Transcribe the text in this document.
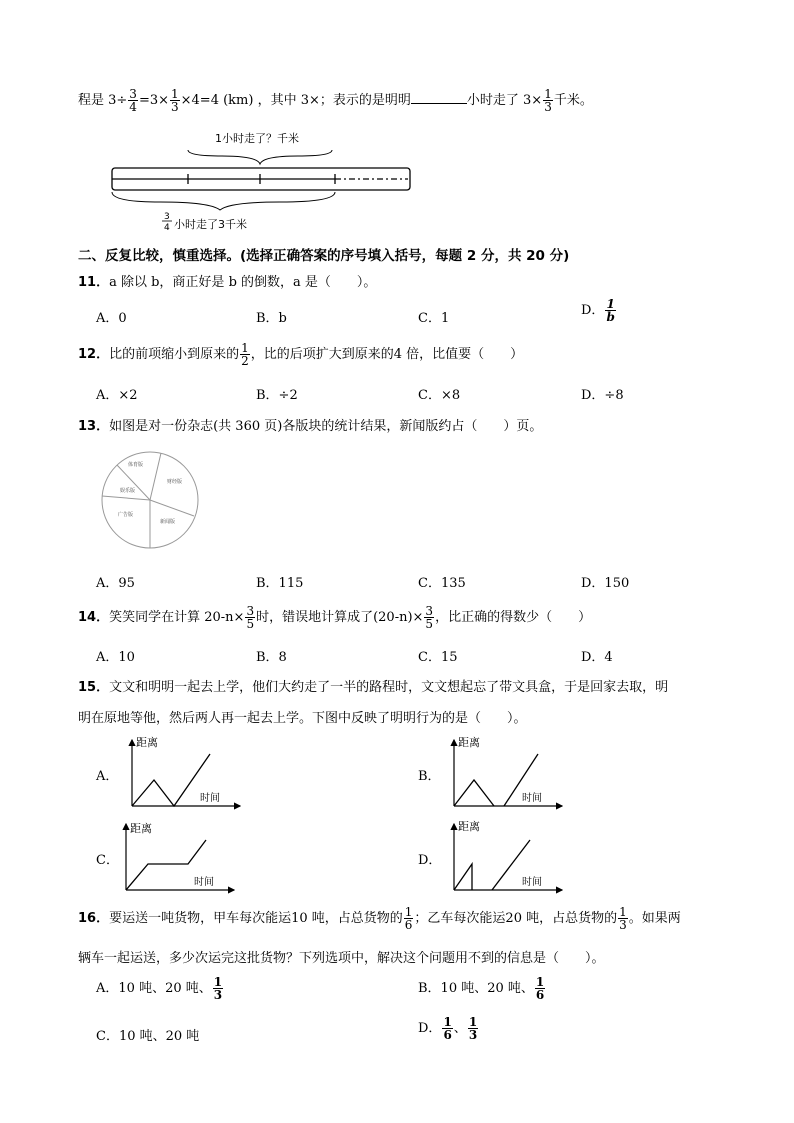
程是 $3\div \frac{3}{4} =3\times \frac{1}{3} \times 4=4$ (km) ，其中 3×；表示的是明明	小时走了 $3\times \frac{1}{3}$ 千米。
1小时走了？千米
3
4 小时走了3千米
二、反复比较，慎重选择。(选择正确答案的序号填入括号，每题 2 分，共 20 分)
11．a 除以 b，商正好是 b 的倒数，a 是（　　）。
A．0	B．b	C．1
D． $\frac{1}{b}$
12．比的前项缩小到原来的 $\frac{1}{2}$ ，比的后项扩大到原来的4 倍，比值要（　　）
A．×2	B．÷2	C．×8	D．÷8
13．如图是对一份杂志(共 360 页)各版块的统计结果，新闻版约占（　　）页。
体育版
财经版
娱乐版
广告版
新闻版
A．95	B．115	C．135	D．150
14．笑笑同学在计算 $20-n\times \frac{3}{5}$ 时，错误地计算成了$(20-n)\times \frac{3}{5}$ ，比正确的得数少（　　）
A．10	B．8	C．15	D．4
15．文文和明明一起去上学，他们大约走了一半的路程时，文文想起忘了带文具盒，于是回家去取，明
明在原地等他，然后两人再一起去上学。下图中反映了明明行为的是（　　）。
A．
距离
时间
B．
距离
时间
C．
距离
时间
D．
距离
时间
16．要运送一吨货物，甲车每次能运10 吨，占总货物的 $\frac{1}{6}$ ；乙车每次能运20 吨，占总货物的 $\frac{1}{3}$ 。如果两
辆车一起运送，多少次运完这批货物？下列选项中，解决这个问题用不到的信息是（　　）。
A．10 吨、20 吨、 $\frac{1}{3}$	B．10 吨、20 吨、 $\frac{1}{6}$
C．10 吨、20 吨
D． $\frac{1}{6}$ 、 $\frac{1}{3}$
